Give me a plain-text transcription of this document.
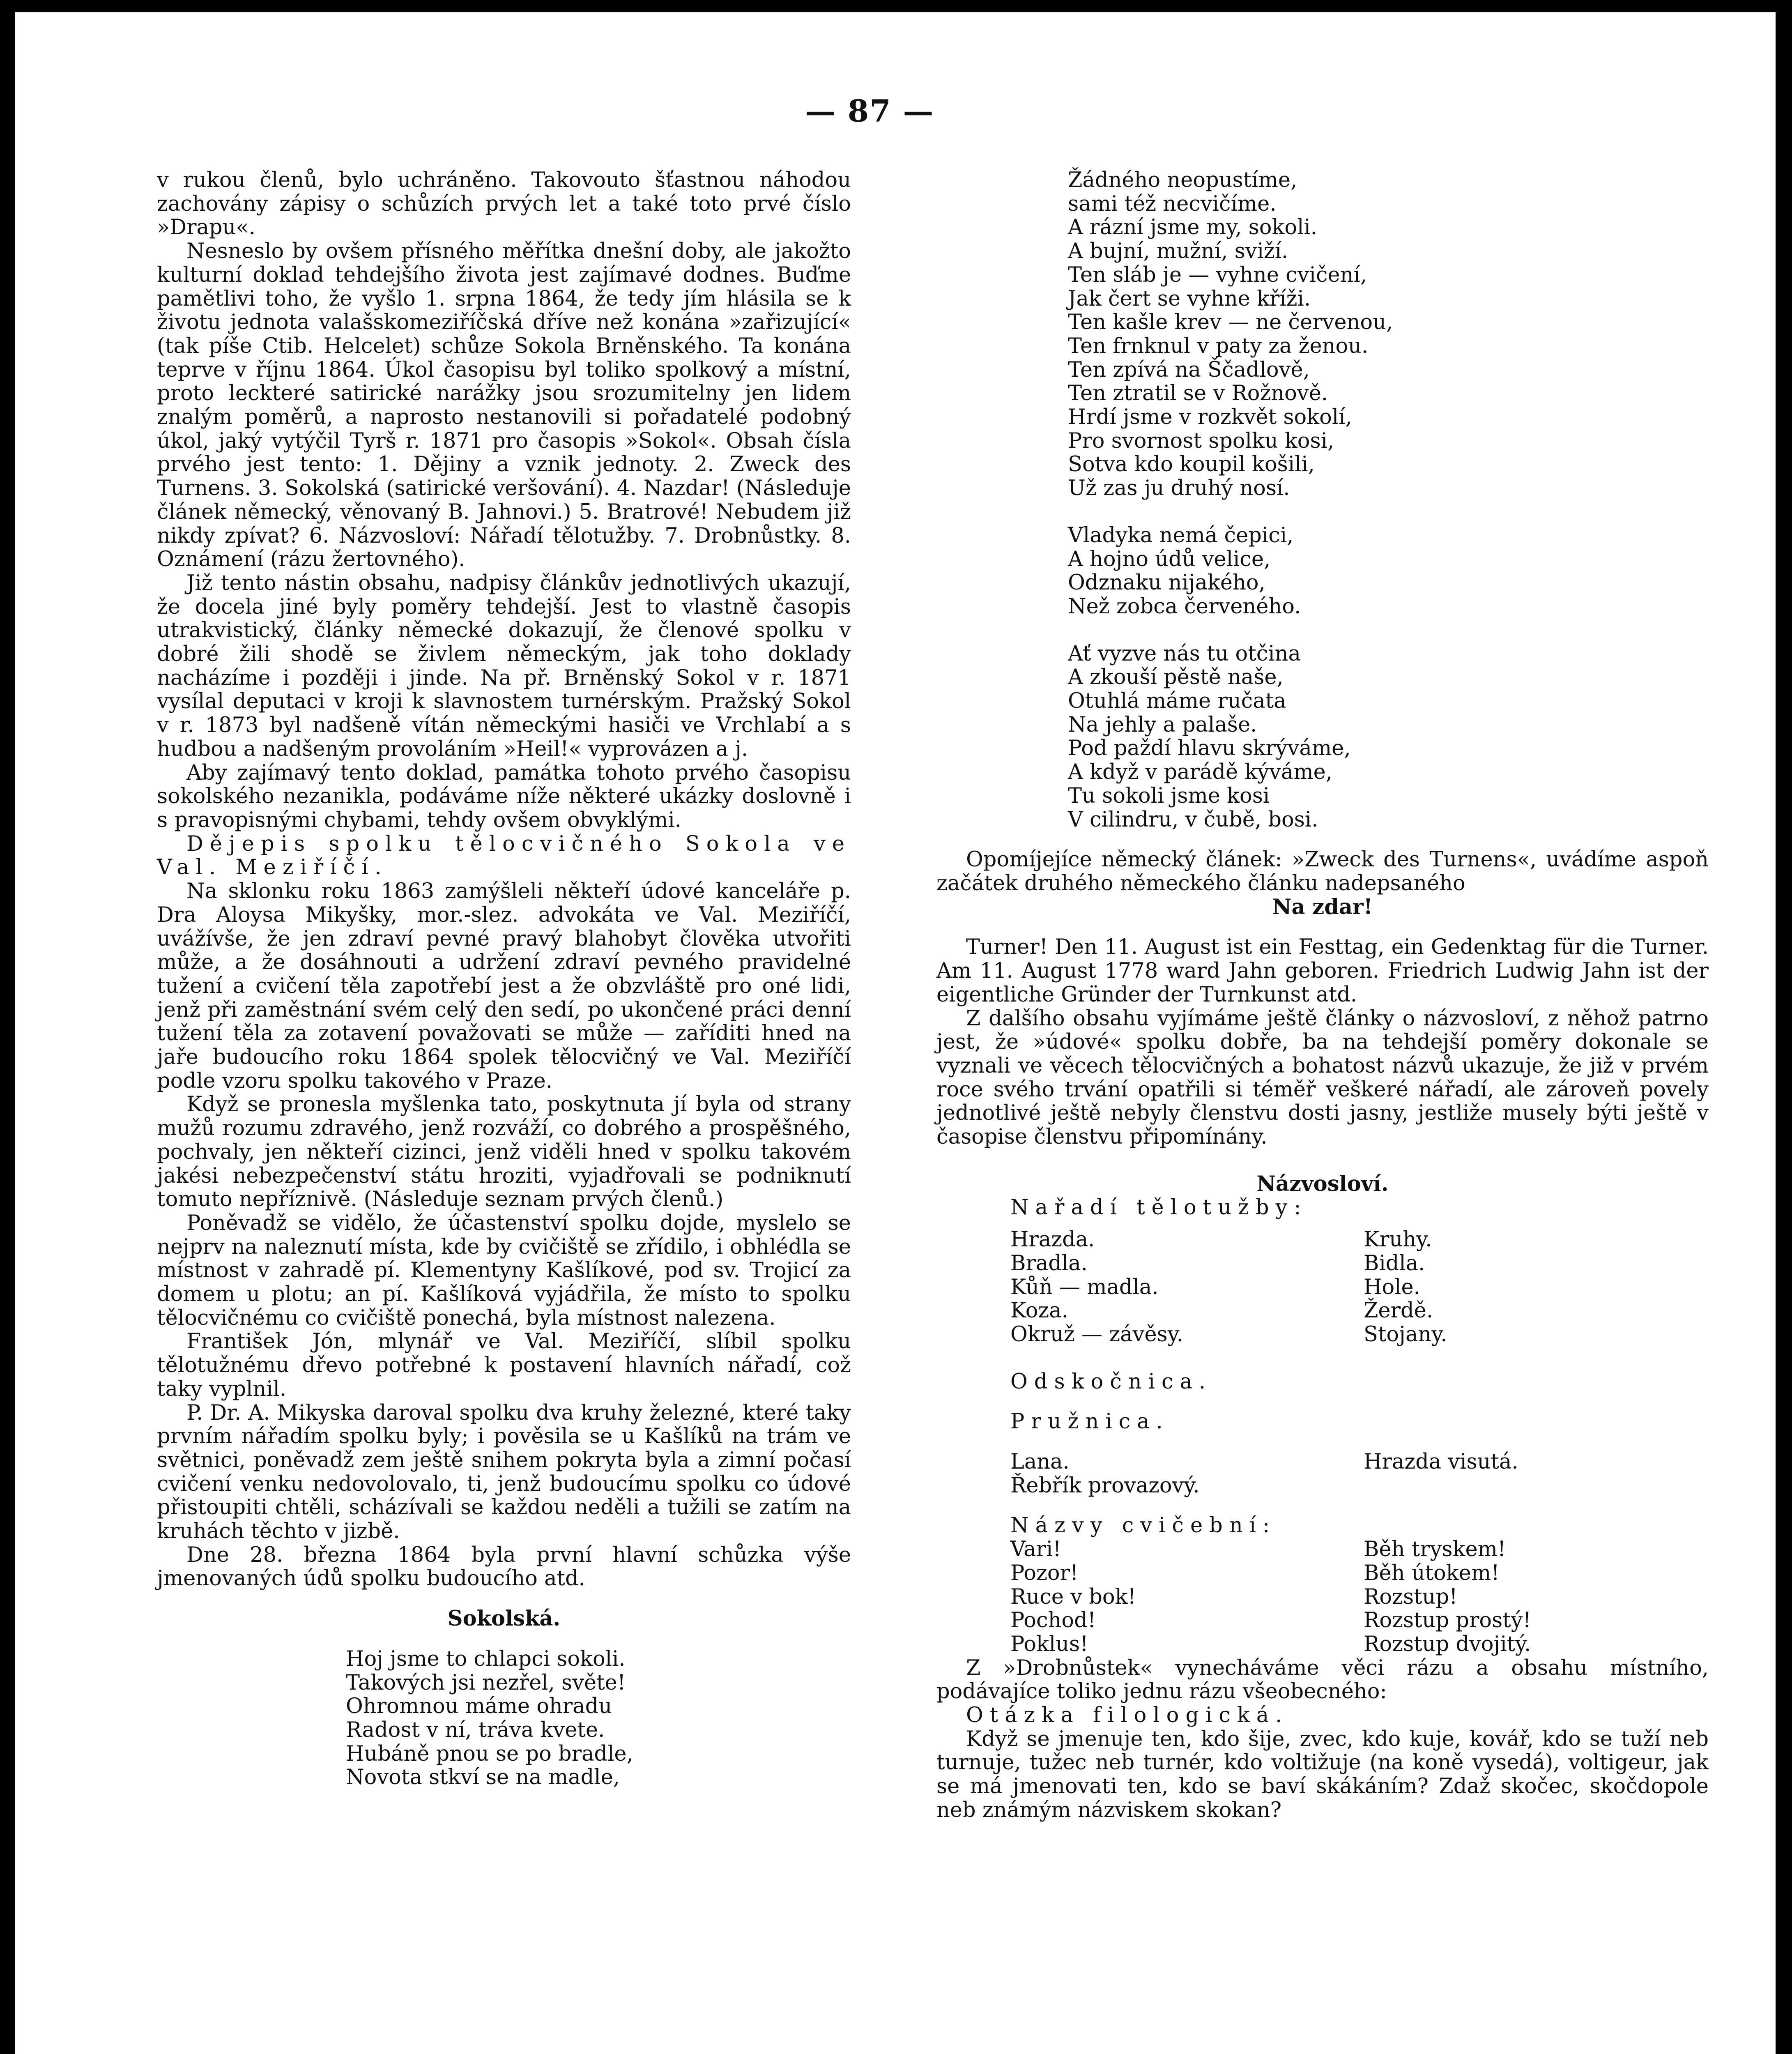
— 87 —

v rukou členů, bylo uchráněno. Takovouto šťastnou náhodou zachovány zápisy o schůzích prvých let a také toto prvé číslo »Drapu«.

Nesneslo by ovšem přísného měřítka dnešní doby, ale jakožto kulturní doklad tehdejšího života jest zajímavé dodnes. Buďme pamětlivi toho, že vyšlo 1. srpna 1864, že tedy jím hlásila se k životu jednota valašskomeziříčská dříve než konána »zařizující« (tak píše Ctib. Helcelet) schůze Sokola Brněnského. Ta konána teprve v říjnu 1864. Úkol časopisu byl toliko spolkový a místní, proto leckteré satirické narážky jsou srozumitelny jen lidem znalým poměrů, a naprosto nestanovili si pořadatelé podobný úkol, jaký vytýčil Tyrš r. 1871 pro časopis »Sokol«. Obsah čísla prvého jest tento: 1. Dějiny a vznik jednoty. 2. Zweck des Turnens. 3. Sokolská (satirické veršování). 4. Nazdar! (Následuje článek německý, věnovaný B. Jahnovi.) 5. Bratrové! Nebudem již nikdy zpívat? 6. Názvosloví: Nářadí tělotužby. 7. Drobnůstky. 8. Oznámení (rázu žertovného).

Již tento nástin obsahu, nadpisy článkův jednotlivých ukazují, že docela jiné byly poměry tehdejší. Jest to vlastně časopis utrakvistický, články německé dokazují, že členové spolku v dobré žili shodě se živlem německým, jak toho doklady nacházíme i později i jinde. Na př. Brněnský Sokol v r. 1871 vysílal deputaci v kroji k slavnostem turnérským. Pražský Sokol v r. 1873 byl nadšeně vítán německými hasiči ve Vrchlabí a s hudbou a nadšeným provoláním »Heil!« vyprovázen a j.

Aby zajímavý tento doklad, památka tohoto prvého časopisu sokolského nezanikla, podáváme níže některé ukázky doslovně i s pravopisnými chybami, tehdy ovšem obvyklými.

Dějepis spolku tělocvičného Sokola ve Val. Meziříčí.

Na sklonku roku 1863 zamýšleli někteří údové kanceláře p. Dra Aloysa Mikyšky, mor.-slez. advokáta ve Val. Meziříčí, uvážívše, že jen zdraví pevné pravý blahobyt člověka utvořiti může, a že dosáhnouti a udržení zdraví pevného pravidelné tužení a cvičení těla zapotřebí jest a že obzvláště pro oné lidi, jenž při zaměstnání svém celý den sedí, po ukončené práci denní tužení těla za zotavení považovati se může — zaříditi hned na jaře budoucího roku 1864 spolek tělocvičný ve Val. Meziříčí podle vzoru spolku takového v Praze.

Když se pronesla myšlenka tato, poskytnuta jí byla od strany mužů rozumu zdravého, jenž rozváží, co dobrého a prospěšného, pochvaly, jen někteří cizinci, jenž viděli hned v spolku takovém jakési nebezpečenství státu hroziti, vyjadřovali se podniknutí tomuto nepříznivě. (Následuje seznam prvých členů.)

Poněvadž se vidělo, že účastenství spolku dojde, myslelo se nejprv na naleznutí místa, kde by cvičiště se zřídilo, i obhlédla se místnost v zahradě pí. Klementyny Kašlíkové, pod sv. Trojicí za domem u plotu; an pí. Kašlíková vyjádřila, že místo to spolku tělocvičnému co cvičiště ponechá, byla místnost nalezena.

František Jón, mlynář ve Val. Meziříčí, slíbil spolku tělotužnému dřevo potřebné k postavení hlavních nářadí, což taky vyplnil.

P. Dr. A. Mikyska daroval spolku dva kruhy železné, které taky prvním nářadím spolku byly; i pověsila se u Kašlíků na trám ve světnici, poněvadž zem ještě snihem pokryta byla a zimní počasí cvičení venku nedovolovalo, ti, jenž budoucímu spolku co údové přistoupiti chtěli, scházívali se každou neděli a tužili se zatím na kruhách těchto v jizbě.

Dne 28. března 1864 byla první hlavní schůzka výše jmenovaných údů spolku budoucího atd.

Sokolská.

Hoj jsme to chlapci sokoli.
Takových jsi nezřel, světe!
Ohromnou máme ohradu
Radost v ní, tráva kvete.
Hubáně pnou se po bradle,
Novota stkví se na madle,
Žádného neopustíme,
sami též necvičíme.
A rázní jsme my, sokoli.
A bujní, mužní, sviží.
Ten sláb je — vyhne cvičení,
Jak čert se vyhne kříži.
Ten kašle krev — ne červenou,
Ten frnknul v paty za ženou.
Ten zpívá na Ščadlově,
Ten ztratil se v Rožnově.
Hrdí jsme v rozkvět sokolí,
Pro svornost spolku kosi,
Sotva kdo koupil košili,
Už zas ju druhý nosí.
Vladyka nemá čepici,
A hojno údů velice,
Odznaku nijakého,
Než zobca červeného.
Ať vyzve nás tu otčina
A zkouší pěstě naše,
Otuhlá máme ručata
Na jehly a palaše.
Pod paždí hlavu skrýváme,
A když v parádě kýváme,
Tu sokoli jsme kosi
V cilindru, v čubě, bosi.

Opomíjejíce německý článek: »Zweck des Turnens«, uvádíme aspoň začátek druhého německého článku nadepsaného

Na zdar!

Turner! Den 11. August ist ein Festtag, ein Gedenktag für die Turner. Am 11. August 1778 ward Jahn geboren. Friedrich Ludwig Jahn ist der eigentliche Gründer der Turnkunst atd.

Z dalšího obsahu vyjímáme ještě články o názvosloví, z něhož patrno jest, že »údové« spolku dobře, ba na tehdejší poměry dokonale se vyznali ve věcech tělocvičných a bohatost názvů ukazuje, že již v prvém roce svého trvání opatřili si téměř veškeré nářadí, ale zároveň povely jednotlivé ještě nebyly členstvu dosti jasny, jestliže musely býti ještě v časopise členstvu připomínány.

Názvosloví.

Nařadí tělotužby:
Hrazda.	Kruhy.
Bradla.	Bidla.
Kůň — madla.	Hole.
Koza.	Žerdě.
Okruž — závěsy.	Stojany.
Odskočnica.
Pružnica.
Lana.	Hrazda visutá.
Řebřík provazový.
Názvy cvičební:
Vari!	Běh tryskem!
Pozor!	Běh útokem!
Ruce v bok!	Rozstup!
Pochod!	Rozstup prostý!
Poklus!	Rozstup dvojitý.

Z »Drobnůstek« vynecháváme věci rázu a obsahu místního, podávajíce toliko jednu rázu všeobecného:

Otázka filologická.

Když se jmenuje ten, kdo šije, zvec, kdo kuje, kovář, kdo se tuží neb turnuje, tužec neb turnér, kdo voltižuje (na koně vysedá), voltigeur, jak se má jmenovati ten, kdo se baví skákáním? Zdaž skočec, skočdopole neb známým názviskem skokan?
